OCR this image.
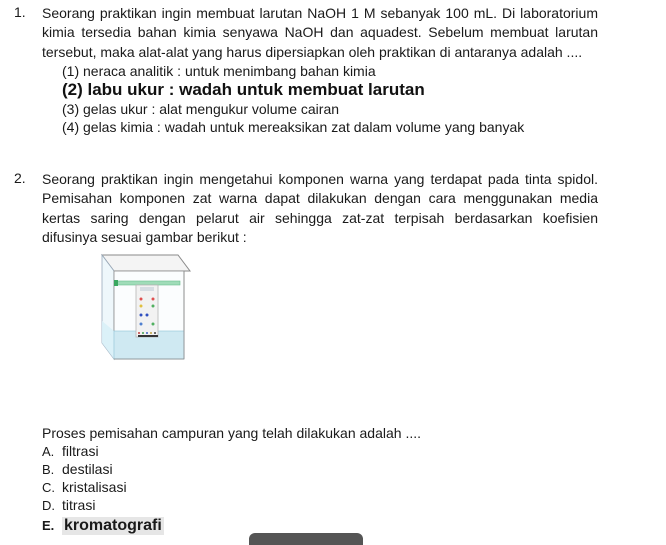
1. Seorang praktikan ingin membuat larutan NaOH 1 M sebanyak 100 mL. Di laboratorium kimia tersedia bahan kimia senyawa NaOH dan aquadest. Sebelum membuat larutan tersebut, maka alat-alat yang harus dipersiapkan oleh praktikan di antaranya adalah ....
(1) neraca analitik : untuk menimbang bahan kimia
(2) labu ukur : wadah untuk membuat larutan
(3) gelas ukur : alat mengukur volume cairan
(4) gelas kimia : wadah untuk mereaksikan zat dalam volume yang banyak
2. Seorang praktikan ingin mengetahui komponen warna yang terdapat pada tinta spidol. Pemisahan komponen zat warna dapat dilakukan dengan cara menggunakan media kertas saring dengan pelarut air sehingga zat-zat terpisah berdasarkan koefisien difusinya sesuai gambar berikut :
Proses pemisahan campuran yang telah dilakukan adalah ....
A. filtrasi
B. destilasi
C. kristalisasi
D. titrasi
E. kromatografi
